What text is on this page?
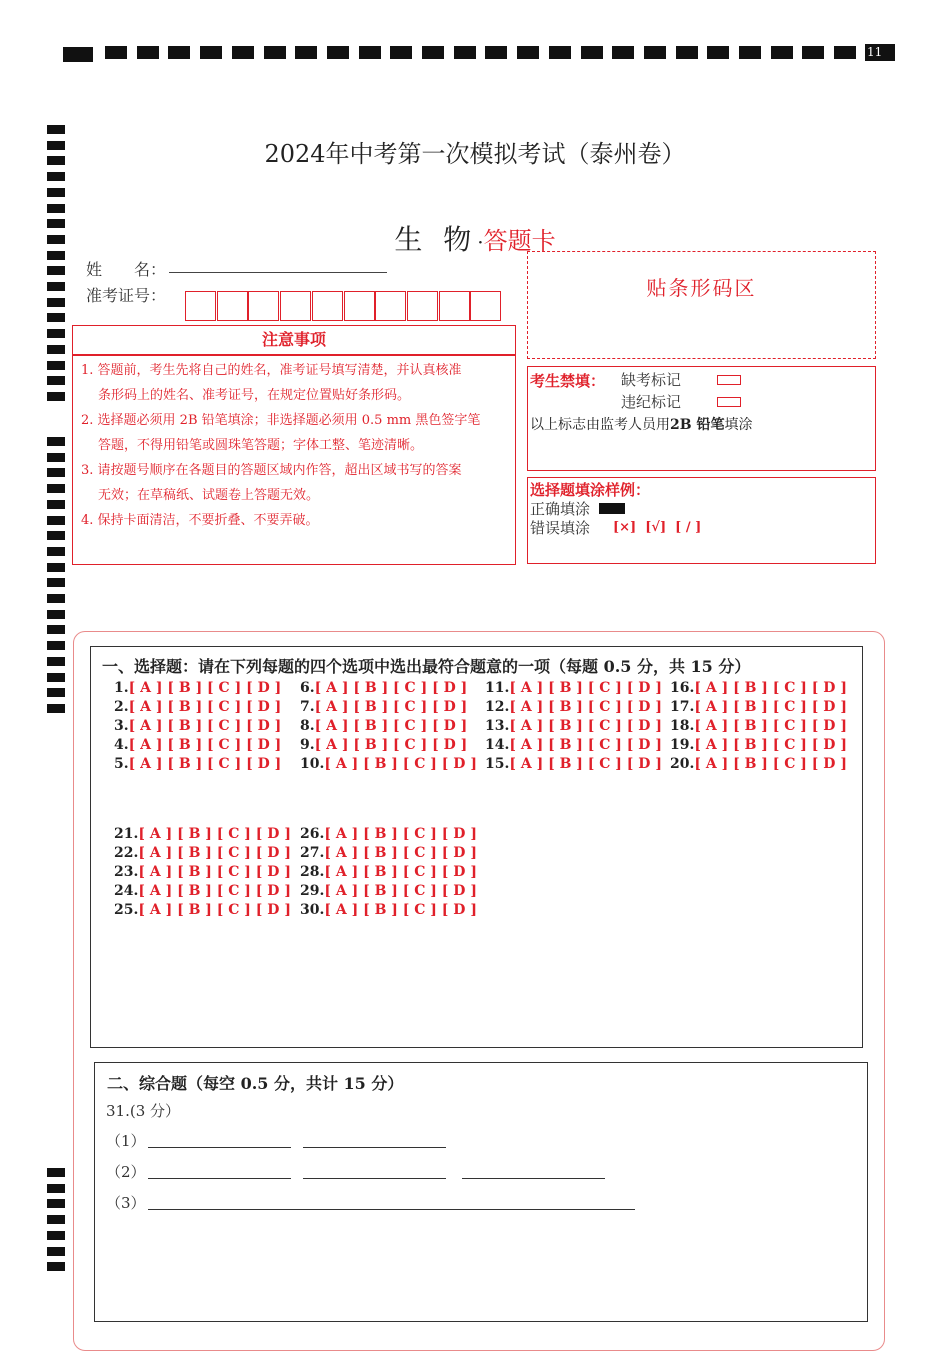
11
2024年中考第一次模拟考试（泰州卷）
生 物·答题卡
姓　　名：
准考证号：
注意事项
1. 答题前，考生先将自己的姓名，准考证号填写清楚，并认真核准
条形码上的姓名、准考证号，在规定位置贴好条形码。
2. 选择题必须用 2B 铅笔填涂；非选择题必须用 0.5 mm 黑色签字笔
答题，不得用铅笔或圆珠笔答题；字体工整、笔迹清晰。
3. 请按题号顺序在各题目的答题区域内作答，超出区域书写的答案
无效；在草稿纸、试题卷上答题无效。
4. 保持卡面清洁，不要折叠、不要弄破。
贴条形码区
考生禁填： 缺考标记
违纪标记
以上标志由监考人员用2B 铅笔填涂
选择题填涂样例：
正确填涂
错误填涂 [×]  [√]  [ / ]
一、选择题：请在下列每题的四个选项中选出最符合题意的一项（每题 0.5 分，共 15 分）
1.[ A ] [ B ] [ C ] [ D ]
2.[ A ] [ B ] [ C ] [ D ]
3.[ A ] [ B ] [ C ] [ D ]
4.[ A ] [ B ] [ C ] [ D ]
5.[ A ] [ B ] [ C ] [ D ]
6.[ A ] [ B ] [ C ] [ D ]
7.[ A ] [ B ] [ C ] [ D ]
8.[ A ] [ B ] [ C ] [ D ]
9.[ A ] [ B ] [ C ] [ D ]
10.[ A ] [ B ] [ C ] [ D ]
11.[ A ] [ B ] [ C ] [ D ]
12.[ A ] [ B ] [ C ] [ D ]
13.[ A ] [ B ] [ C ] [ D ]
14.[ A ] [ B ] [ C ] [ D ]
15.[ A ] [ B ] [ C ] [ D ]
16.[ A ] [ B ] [ C ] [ D ]
17.[ A ] [ B ] [ C ] [ D ]
18.[ A ] [ B ] [ C ] [ D ]
19.[ A ] [ B ] [ C ] [ D ]
20.[ A ] [ B ] [ C ] [ D ]
21.[ A ] [ B ] [ C ] [ D ]
22.[ A ] [ B ] [ C ] [ D ]
23.[ A ] [ B ] [ C ] [ D ]
24.[ A ] [ B ] [ C ] [ D ]
25.[ A ] [ B ] [ C ] [ D ]
26.[ A ] [ B ] [ C ] [ D ]
27.[ A ] [ B ] [ C ] [ D ]
28.[ A ] [ B ] [ C ] [ D ]
29.[ A ] [ B ] [ C ] [ D ]
30.[ A ] [ B ] [ C ] [ D ]
二、综合题（每空 0.5 分，共计 15 分）
31.(3 分）
（1）
（2）
（3）
